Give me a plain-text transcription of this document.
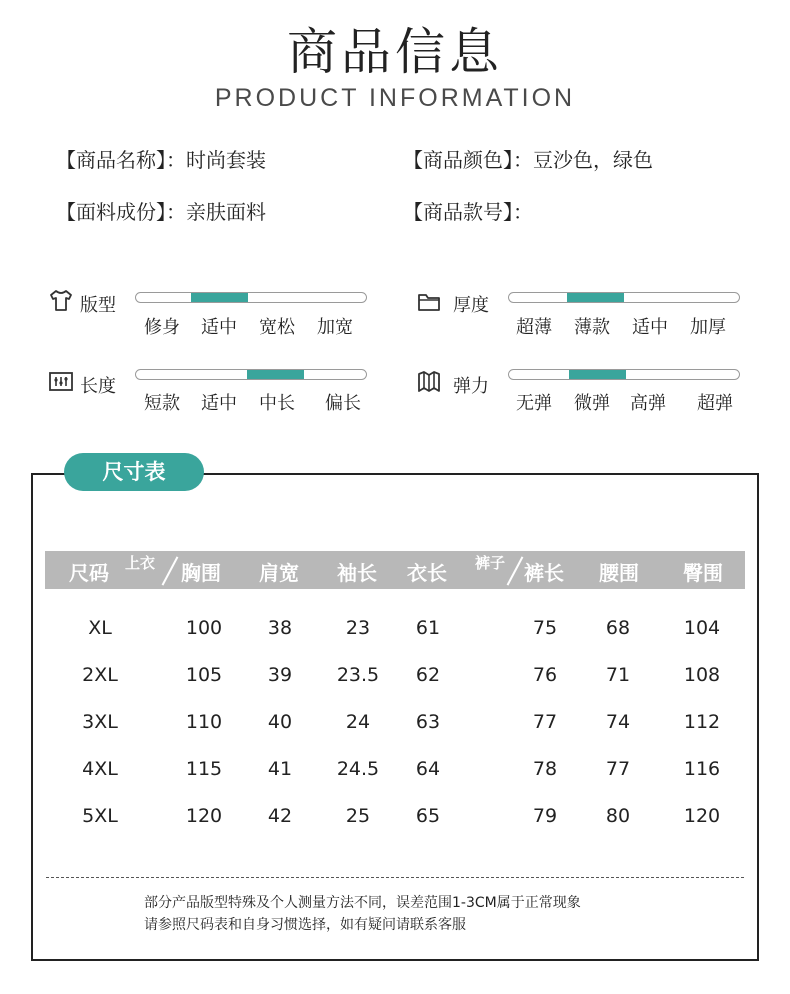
商品信息
PRODUCT INFORMATION
【商品名称】：时尚套装	【商品颜色】：豆沙色，绿色
【面料成份】：亲肤面料	【商品款号】：
版型
修身 适中 宽松 加宽
厚度
超薄 薄款 适中 加厚
长度
短款 适中 中长 偏长
弹力
无弹 微弹 高弹 超弹
尺寸表
尺码 上衣 胸围 肩宽 袖长 衣长 裤子 裤长 腰围 臀围
XL	100	38	23	61	75	68	104
2XL	105	39	23.5	62	76	71	108
3XL	110	40	24	63	77	74	112
4XL	115	41	24.5	64	78	77	116
5XL	120	42	25	65	79	80	120
部分产品版型特殊及个人测量方法不同，误差范围1-3CM属于正常现象
请参照尺码表和自身习惯选择，如有疑问请联系客服
